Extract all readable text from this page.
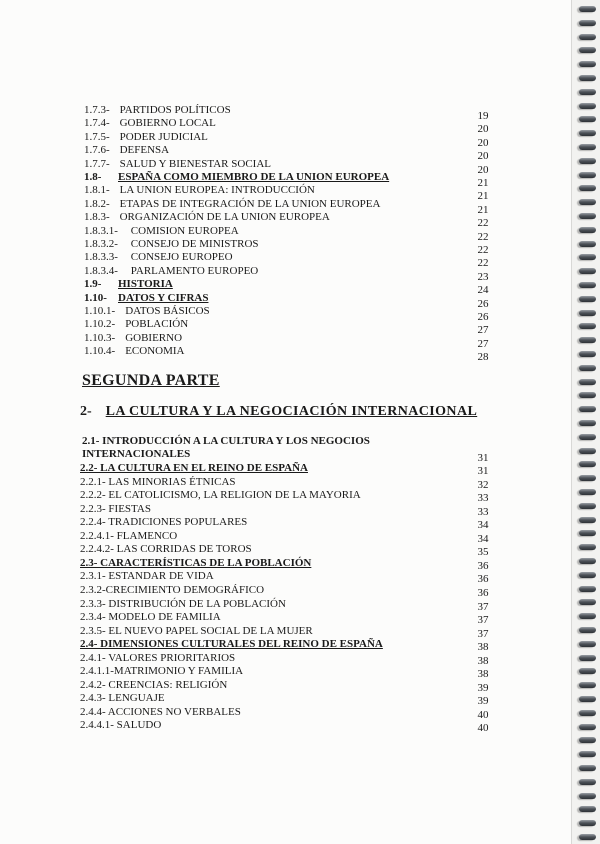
1.7.3- PARTIDOS POLÍTICOS	19
1.7.4- GOBIERNO LOCAL	20
1.7.5- PODER JUDICIAL	20
1.7.6- DEFENSA	20
1.7.7- SALUD Y BIENESTAR SOCIAL	20
1.8- ESPAÑA COMO MIEMBRO DE LA UNION EUROPEA	21
1.8.1- LA UNION EUROPEA: INTRODUCCIÓN	21
1.8.2- ETAPAS DE INTEGRACIÓN DE LA UNION EUROPEA	21
1.8.3- ORGANIZACIÓN DE LA UNION EUROPEA	22
1.8.3.1- COMISION EUROPEA	22
1.8.3.2- CONSEJO DE MINISTROS	22
1.8.3.3- CONSEJO EUROPEO	22
1.8.3.4- PARLAMENTO EUROPEO	23
1.9- HISTORIA	24
1.10- DATOS Y CIFRAS	26
1.10.1- DATOS BÁSICOS	26
1.10.2- POBLACIÓN	27
1.10.3- GOBIERNO	27
1.10.4- ECONOMIA	28
SEGUNDA PARTE
2- LA CULTURA Y LA NEGOCIACIÓN INTERNACIONAL
2.1- INTRODUCCIÓN A LA CULTURA Y LOS NEGOCIOS
INTERNACIONALES	31
2.2- LA CULTURA EN EL REINO DE ESPAÑA	31
2.2.1- LAS MINORIAS ÉTNICAS	32
2.2.2- EL CATOLICISMO, LA RELIGION DE LA MAYORIA	33
2.2.3- FIESTAS	33
2.2.4- TRADICIONES POPULARES	34
2.2.4.1- FLAMENCO	34
2.2.4.2- LAS CORRIDAS DE TOROS	35
2.3- CARACTERÍSTICAS DE LA POBLACIÓN	36
2.3.1- ESTANDAR DE VIDA	36
2.3.2-CRECIMIENTO DEMOGRÁFICO	36
2.3.3- DISTRIBUCIÓN DE LA POBLACIÓN	37
2.3.4- MODELO DE FAMILIA	37
2.3.5- EL NUEVO PAPEL SOCIAL DE LA MUJER	37
2.4- DIMENSIONES CULTURALES DEL REINO DE ESPAÑA	38
2.4.1- VALORES PRIORITARIOS	38
2.4.1.1-MATRIMONIO Y FAMILIA	38
2.4.2- CREENCIAS: RELIGIÓN	39
2.4.3- LENGUAJE	39
2.4.4- ACCIONES NO VERBALES	40
2.4.4.1- SALUDO	40
